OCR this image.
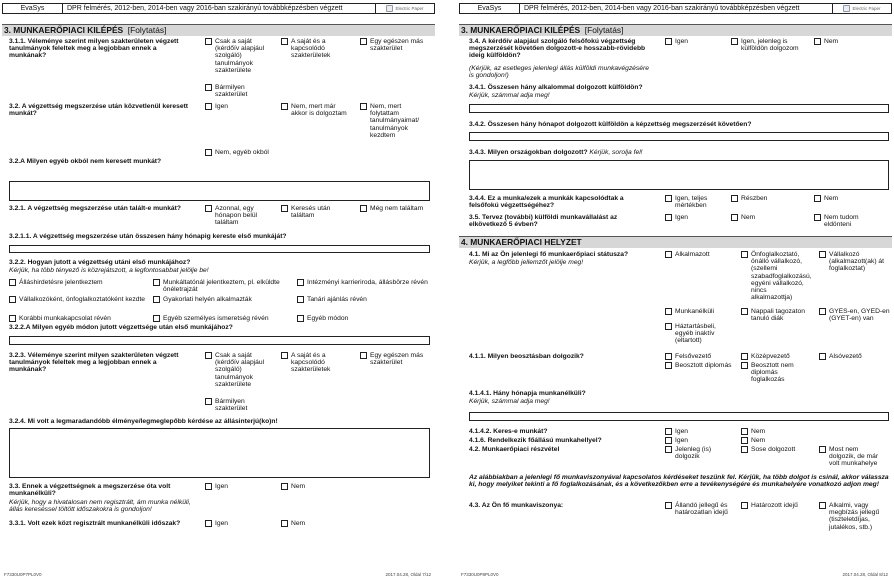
EvaSys	DPR felmérés, 2012-ben, 2014-ben vagy 2016-ban szakirányú továbbképzésben végzett	Electric Paper
3. MUNKAERŐPIACI KILÉPÉS [Folytatás]
3.1.1. Véleménye szerint milyen szakterületen végzett tanulmányok feleltek meg a legjobban ennek a munkának?
Csak a saját (kérdőív alapjául szolgáló) tanulmányok szakterülete
A saját és a kapcsolódó szakterületek
Egy egészen más szakterület
Bármilyen szakterület
3.2. A végzettség megszerzése után közvetlenül keresett munkát?
Igen	Nem, mert már akkor is dolgoztam
Nem, mert folytattam tanulmányaimat/ tanulmányok kezdtem
Nem, egyéb okból
3.2.A Milyen egyéb okból nem keresett munkát?
3.2.1. A végzettség megszerzése után talált-e munkát?	Azonnal, egy hónapon belül találtam
Keresés után találtam
Még nem találtam
3.2.1.1. A végzettség megszerzése után összesen hány hónapig kereste első munkáját?
3.2.2. Hogyan jutott a végzettség utáni első munkájához?
Kérjük, ha több tényező is közrejátszott, a legfontosabbat jelölje be!
Álláshirdetésre jelentkeztem	Munkáltatónál jelentkeztem, pl. elküldte önéletrajzát
Intézményi karrieriroda, állásbörze révén
Vállalkozóként, önfoglalkoztatóként kezdte	Gyakorlati helyén alkalmazták	Tanári ajánlás révén
Korábbi munkakapcsolat révén	Egyéb személyes ismeretség révén	Egyéb módon
3.2.2.A Milyen egyéb módon jutott végzettsége után első munkájához?
3.2.3. Véleménye szerint milyen szakterületen végzett tanulmányok feleltek meg a legjobban ennek a munkának?
Csak a saját (kérdőív alapjául szolgáló) tanulmányok szakterülete
A saját és a kapcsolódó szakterületek
Egy egészen más szakterület
Bármilyen szakterület
3.2.4. Mi volt a legmaradandóbb élménye/legmeglepőbb kérdése az állásinterjú(ko)n!
3.3. Ennek a végzettségnek a megszerzése óta volt munkanélküli?
Kérjük, hogy a hivatalosan nem regisztrált, ám munka nélküli, állás kereséssel töltött időszakokra is gondoljon!
Igen	Nem
3.3.1. Volt ezek közt regisztrált munkanélküli időszak?	Igen	Nem
F7330U0P7PL0V0	2017.04.28, Oldal 7/12
EvaSys	DPR felmérés, 2012-ben, 2014-ben vagy 2016-ban szakirányú továbbképzésben végzett	Electric Paper
3. MUNKAERŐPIACI KILÉPÉS [Folytatás]
3.4. A kérdőív alapjául szolgáló felsőfokú végzettség megszerzését követően dolgozott-e hosszabb-rövidebb ideig külföldön?
(Kérjük, az esetleges jelenlegi állás külföldi munkavégzésére is gondoljon!)
Igen	Igen, jelenleg is külföldön dolgozom
Nem
3.4.1. Összesen hány alkalommal dolgozott külföldön?
Kérjük, számmal adja meg!
3.4.2. Összesen hány hónapot dolgozott külföldön a képzettség megszerzését követően?
3.4.3. Milyen országokban dolgozott? Kérjük, sorolja fel!
3.4.4. Ez a munka/ezek a munkák kapcsolódtak a felsőfokú végzettségéhez?
Igen, teljes mértékben
Részben	Nem
3.5. Tervez (további) külföldi munkavállalást az elkövetkező 5 évben?
Igen	Nem	Nem tudom eldönteni
4. MUNKAERŐPIACI HELYZET
4.1. Mi az Ön jelenlegi fő munkaerőpiaci státusza?
Kérjük, a legfőbb jellemzőt jelölje meg!
Alkalmazott	Önfoglalkoztató, önálló vállalkozó, (szellemi szabadfoglalkozású, egyéni vállalkozó, nincs alkalmazottja)
Vállalkozó (alkalmazott(ak) át foglalkoztat)
Munkanélküli	Nappali tagozaton tanuló diák
GYES-en, GYED-en (GYET-en) van
Háztartásbeli, egyéb inaktív (eltartott)
4.1.1. Milyen beosztásban dolgozik?	Felsővezető	Középvezető	Alsóvezető
Beosztott diplomás	Beosztott nem diplomás foglalkozás
4.1.4.1. Hány hónapja munkanélküli?
Kérjük, számmal adja meg!
4.1.4.2. Keres-e munkát?	Igen	Nem
4.1.6. Rendelkezik főállású munkahellyel?	Igen	Nem
4.2. Munkaerőpiaci részvétel	Jelenleg (is) dolgozik
Sose dolgozott	Most nem dolgozik, de már volt munkahelye
Az alábbiakban a jelenlegi fő munkaviszonyával kapcsolatos kérdéseket teszünk fel. Kérjük, ha több dolgot is csinál, akkor válassza ki, hogy melyiket tekinti a fő foglalkozásának, és a következőkben erre a tevékenységére és munkahelyére vonatkozó adjon meg!
4.3. Az Ön fő munkaviszonya:	Állandó jellegű és határozatlan idejű
Határozott idejű	Alkalmi, vagy megbízás jellegű (tiszteletdíjas, jutalékos, stb.)
F7330U0P8PL0V0	2017.04.28, Oldal 8/12
